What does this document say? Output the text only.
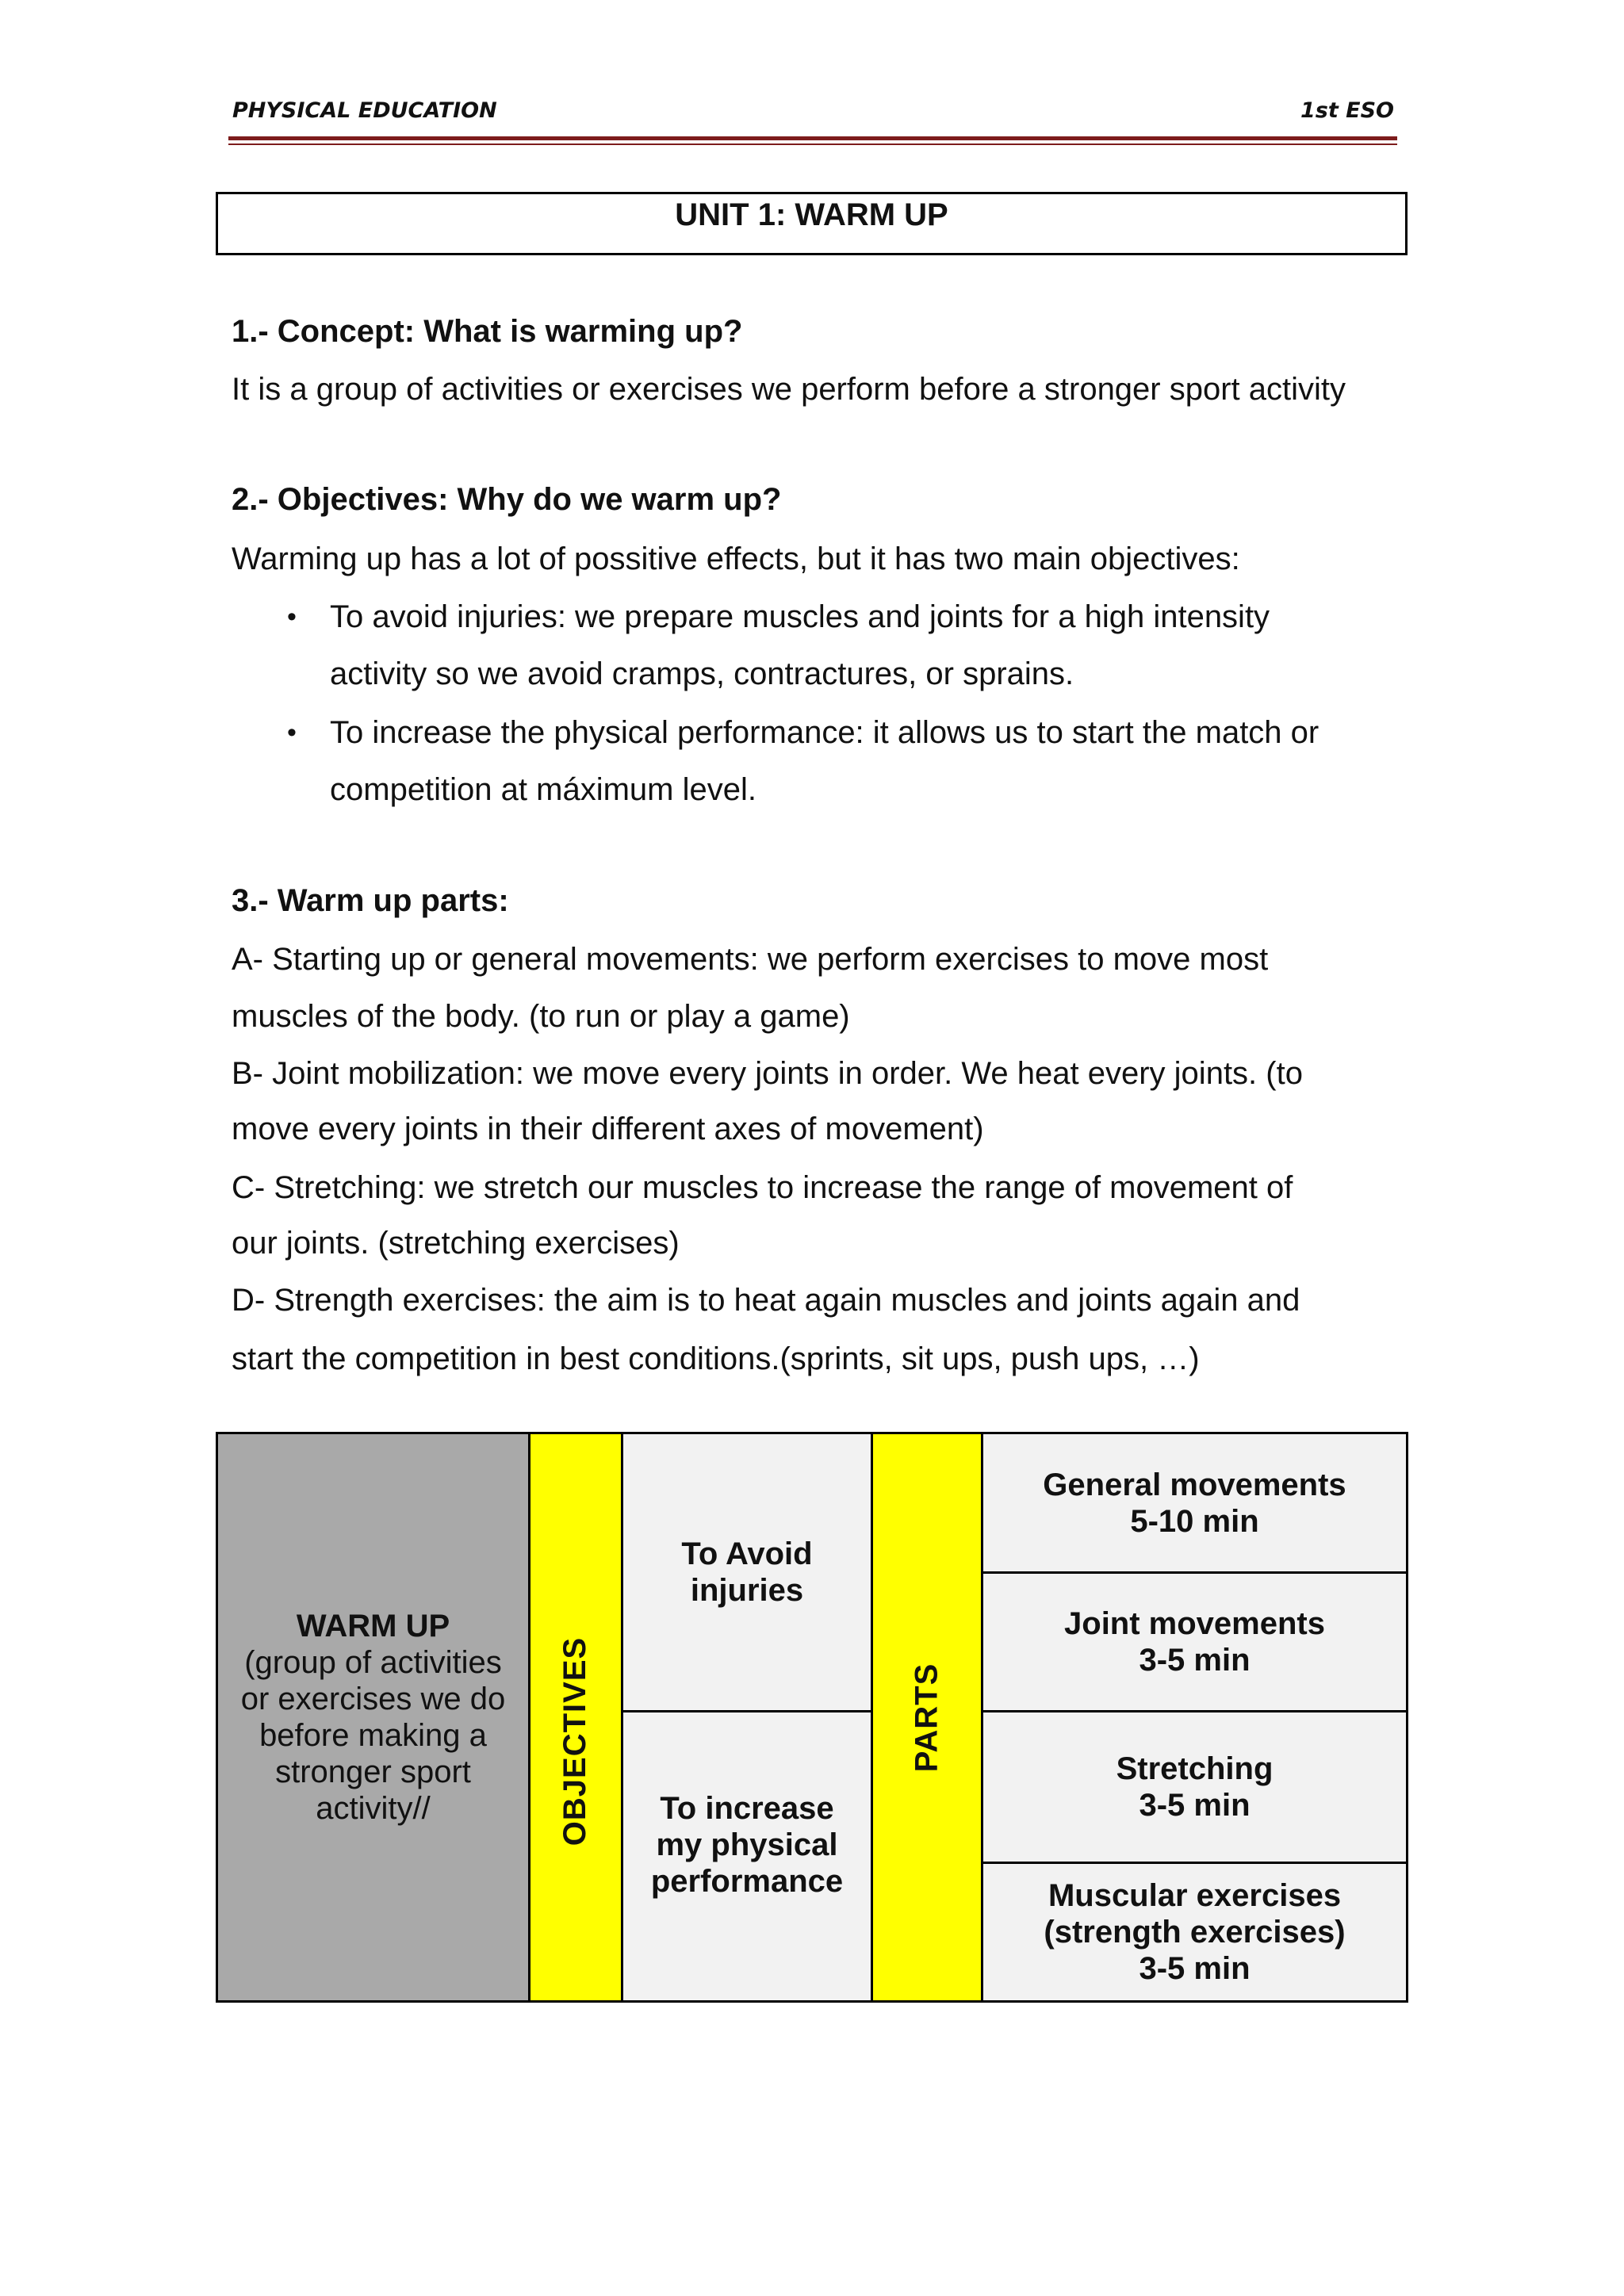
PHYSICAL EDUCATION	1st ESO
UNIT 1: WARM UP
1.- Concept: What is warming up?
It is a group of activities or exercises we perform before a stronger sport activity
2.- Objectives: Why do we warm up?
Warming up has a lot of possitive effects, but it has two main objectives:
• To avoid injuries: we prepare muscles and joints for a high intensity
activity so we avoid cramps, contractures, or sprains.
• To increase the physical performance: it allows us to start the match or
competition at máximum level.
3.- Warm up parts:
A- Starting up or general movements: we perform exercises to move most
muscles of the body. (to run or play a game)
B- Joint mobilization: we move every joints in order. We heat every joints. (to
move every joints in their different axes of movement)
C- Stretching: we stretch our muscles to increase the range of movement of
our joints. (stretching exercises)
D- Strength exercises: the aim is to heat again muscles and joints again and
start the competition in best conditions.(sprints, sit ups, push ups, …)
WARM UP
(group of activities
or exercises we do
before making a
stronger sport
activity//	OBJECTIVES
To Avoid
injuries
To increase
my physical
performance
PARTS
General movements
5-10 min
Joint movements
3-5 min
Stretching
3-5 min
Muscular exercises
(strength exercises)
3-5 min
